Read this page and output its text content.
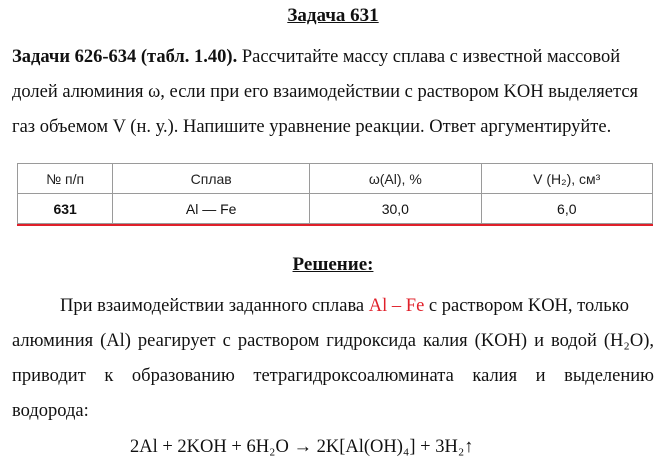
Задача 631
Задачи 626-634 (табл. 1.40). Рассчитайте массу сплава с известной массовой
долей алюминия ω, если при его взаимодействии с раствором KOH выделяется
газ объемом V (н. у.). Напишите уравнение реакции. Ответ аргументируйте.
№ п/п	Сплав	ω(Al), %	V (H₂), см³
631	Al — Fe	30,0	6,0
Решение:
При взаимодействии заданного сплава Al – Fe с раствором KOH, только
алюминия (Al) реагирует с раствором гидроксида калия (KOH) и водой (H₂O),
приводит к образованию тетрагидроксоалюмината калия и выделению
водорода:
2Al + 2KOH + 6H₂O → 2K[Al(OH)₄] + 3H₂↑
